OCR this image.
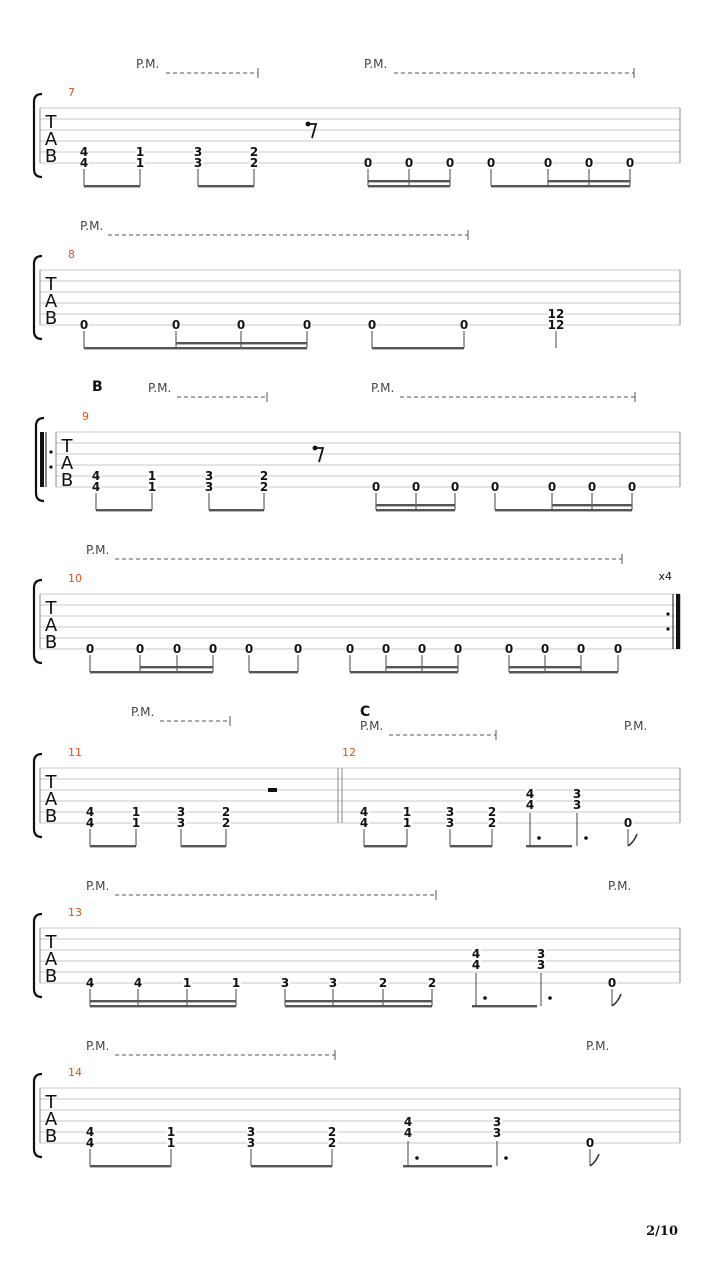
2/10
T
A
B
7
P.M.	P.M.
4
4
1
1
3
3
2
2	0	0	0	0	0	0	0
T
A
B
8
P.M.
0	0	0	0	0	0
12
12
T
A
B
9
B	P.M.	P.M.
4
4
1
1
3
3
2
2	0	0	0	0	0	0	0
T
A
B
10	x4
P.M.
0	0 0 0 0	0	0 0 0 0	0 0 0 0
T
A
B
11	12
C
P.M.
P.M.	P.M.
4
4
1
1
3
3
2
2
4
4
1
1
3
3
2
2
4
4
3
3
0
T
A
B
13
P.M.	P.M.
4	4	1	1	3	3	2	2
4
4
3
3
0
T
A
B
14
P.M.	P.M.
4
4
1
1
3
3
2
2
4
4
3
3
0
